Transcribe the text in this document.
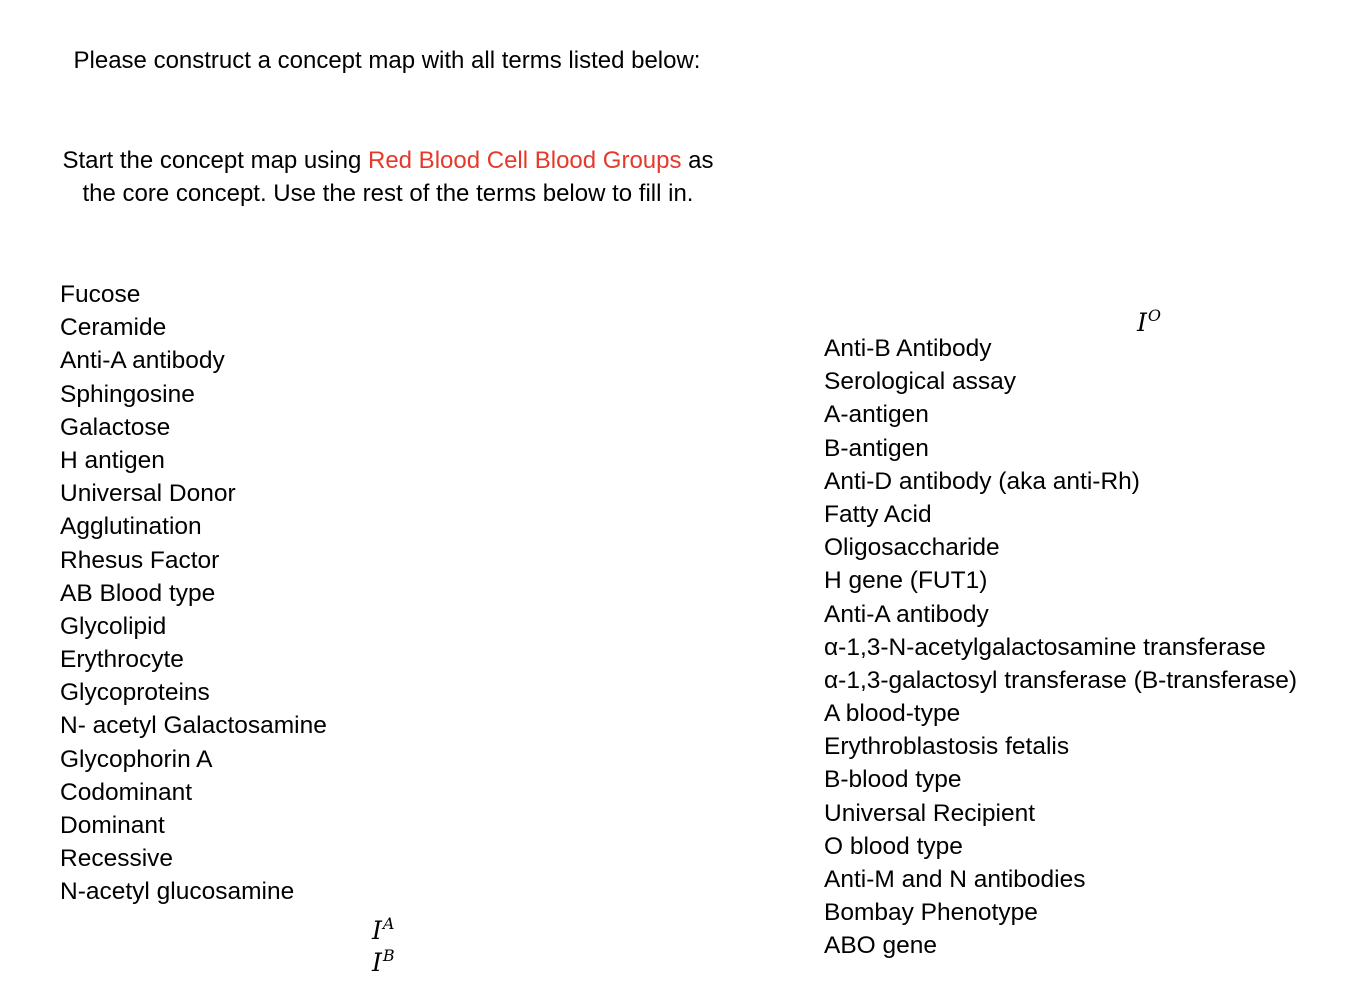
Please construct a concept map with all terms listed below:
Start the concept map using Red Blood Cell Blood Groups as the core concept. Use the rest of the terms below to fill in.
Fucose
Ceramide
Anti-A antibody
Sphingosine
Galactose
H antigen
Universal Donor
Agglutination
Rhesus Factor
AB Blood type
Glycolipid
Erythrocyte
Glycoproteins
N- acetyl Galactosamine
Glycophorin A
Codominant
Dominant
Recessive
N-acetyl glucosamine
Anti-B Antibody
Serological assay
A-antigen
B-antigen
Anti-D antibody (aka anti-Rh)
Fatty Acid
Oligosaccharide
H gene (FUT1)
Anti-A antibody
α-1,3-N-acetylgalactosamine transferase
α-1,3-galactosyl transferase (B-transferase)
A blood-type
Erythroblastosis fetalis
B-blood type
Universal Recipient
O blood type
Anti-M and N antibodies
Bombay Phenotype
ABO gene
$I^O$
$I^A$
$I^B$
